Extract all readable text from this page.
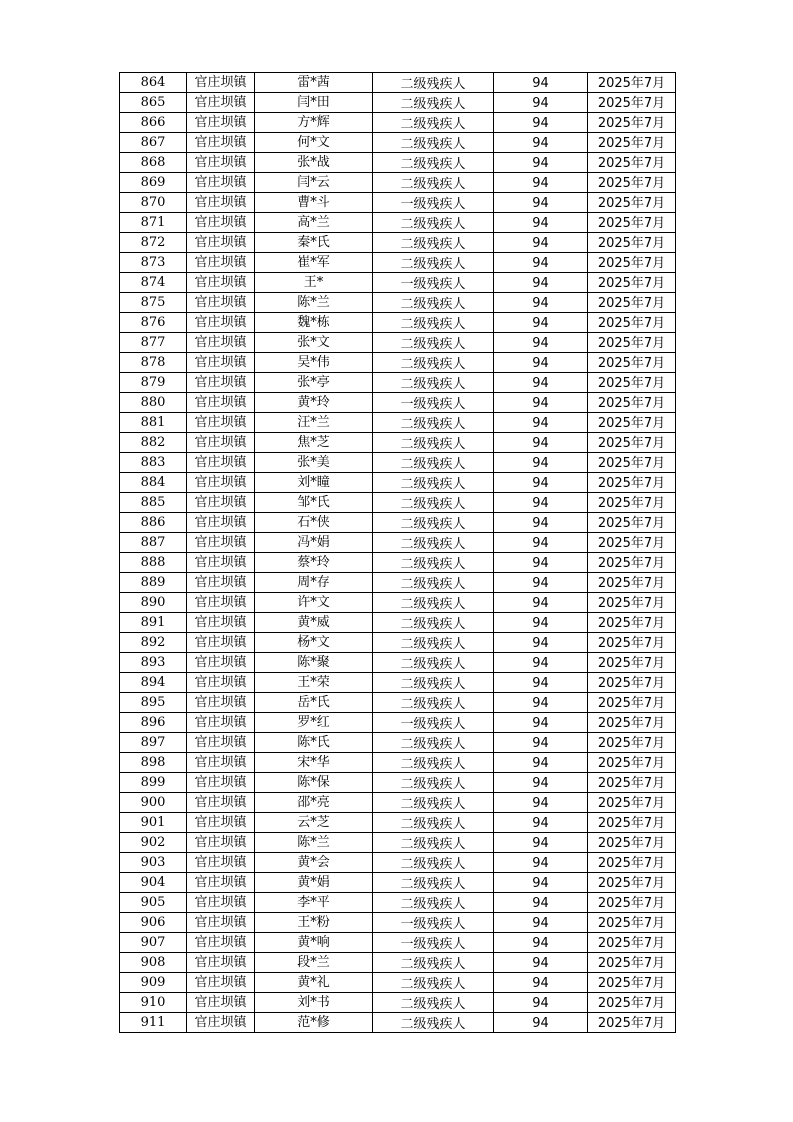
864	官庄坝镇	雷*茜	二级残疾人	94	2025年7月
865	官庄坝镇	闫*田	二级残疾人	94	2025年7月
866	官庄坝镇	方*辉	二级残疾人	94	2025年7月
867	官庄坝镇	何*文	二级残疾人	94	2025年7月
868	官庄坝镇	张*战	二级残疾人	94	2025年7月
869	官庄坝镇	闫*云	二级残疾人	94	2025年7月
870	官庄坝镇	曹*斗	一级残疾人	94	2025年7月
871	官庄坝镇	高*兰	二级残疾人	94	2025年7月
872	官庄坝镇	秦*氏	二级残疾人	94	2025年7月
873	官庄坝镇	崔*军	二级残疾人	94	2025年7月
874	官庄坝镇	王*	一级残疾人	94	2025年7月
875	官庄坝镇	陈*兰	二级残疾人	94	2025年7月
876	官庄坝镇	魏*栋	二级残疾人	94	2025年7月
877	官庄坝镇	张*文	二级残疾人	94	2025年7月
878	官庄坝镇	吴*伟	二级残疾人	94	2025年7月
879	官庄坝镇	张*亭	二级残疾人	94	2025年7月
880	官庄坝镇	黄*玲	一级残疾人	94	2025年7月
881	官庄坝镇	汪*兰	二级残疾人	94	2025年7月
882	官庄坝镇	焦*芝	二级残疾人	94	2025年7月
883	官庄坝镇	张*美	二级残疾人	94	2025年7月
884	官庄坝镇	刘*瞳	二级残疾人	94	2025年7月
885	官庄坝镇	邹*氏	二级残疾人	94	2025年7月
886	官庄坝镇	石*侠	二级残疾人	94	2025年7月
887	官庄坝镇	冯*娟	二级残疾人	94	2025年7月
888	官庄坝镇	蔡*玲	二级残疾人	94	2025年7月
889	官庄坝镇	周*存	二级残疾人	94	2025年7月
890	官庄坝镇	许*文	二级残疾人	94	2025年7月
891	官庄坝镇	黄*威	二级残疾人	94	2025年7月
892	官庄坝镇	杨*文	二级残疾人	94	2025年7月
893	官庄坝镇	陈*聚	二级残疾人	94	2025年7月
894	官庄坝镇	王*荣	二级残疾人	94	2025年7月
895	官庄坝镇	岳*氏	二级残疾人	94	2025年7月
896	官庄坝镇	罗*红	一级残疾人	94	2025年7月
897	官庄坝镇	陈*氏	二级残疾人	94	2025年7月
898	官庄坝镇	宋*华	二级残疾人	94	2025年7月
899	官庄坝镇	陈*保	二级残疾人	94	2025年7月
900	官庄坝镇	邵*亮	二级残疾人	94	2025年7月
901	官庄坝镇	云*芝	二级残疾人	94	2025年7月
902	官庄坝镇	陈*兰	二级残疾人	94	2025年7月
903	官庄坝镇	黄*会	二级残疾人	94	2025年7月
904	官庄坝镇	黄*娟	二级残疾人	94	2025年7月
905	官庄坝镇	李*平	二级残疾人	94	2025年7月
906	官庄坝镇	王*粉	一级残疾人	94	2025年7月
907	官庄坝镇	黄*响	一级残疾人	94	2025年7月
908	官庄坝镇	段*兰	二级残疾人	94	2025年7月
909	官庄坝镇	黄*礼	二级残疾人	94	2025年7月
910	官庄坝镇	刘*书	二级残疾人	94	2025年7月
911	官庄坝镇	范*修	二级残疾人	94	2025年7月
